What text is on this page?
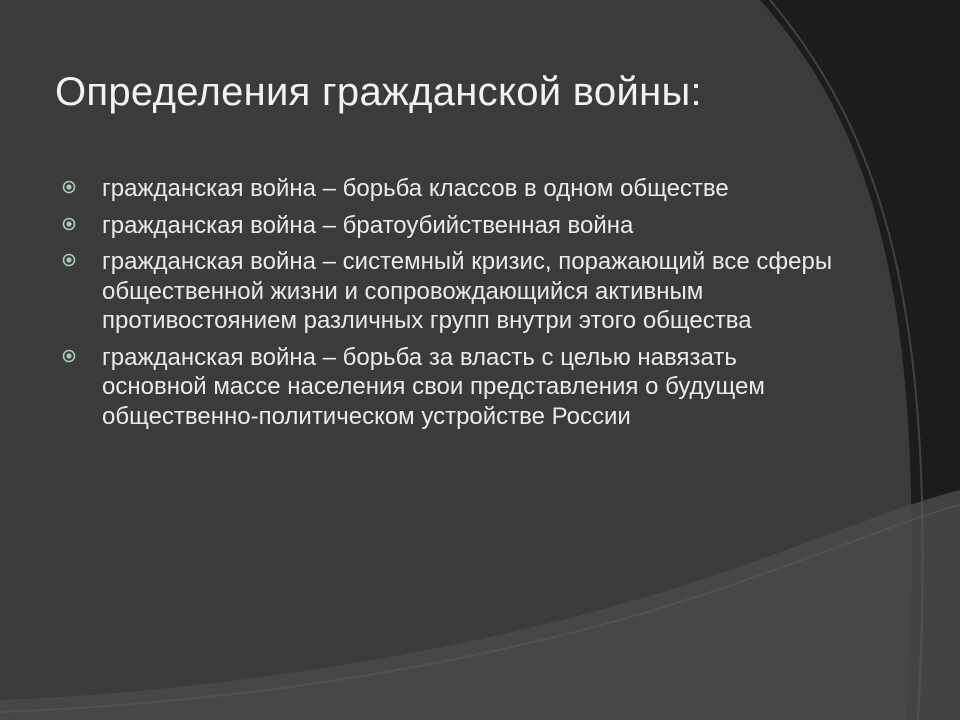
Определения гражданской войны:
гражданская война – борьба классов в одном обществе
гражданская война – братоубийственная война
гражданская война – системный кризис, поражающий все сферы общественной жизни и сопровождающийся активным противостоянием различных групп внутри этого общества
гражданская война – борьба за власть с целью навязать основной массе населения свои представления о будущем общественно-политическом устройстве России
